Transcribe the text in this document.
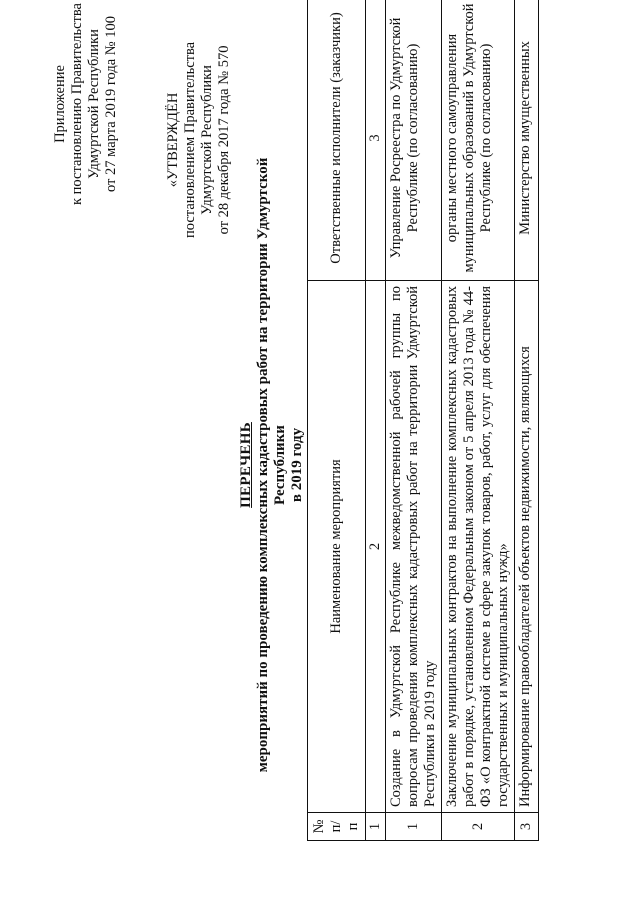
Приложение к постановлению Правительства Удмуртской Республики от 27 марта 2019 года № 100	«УТВЕРЖДЁН постановлением Правительства Удмуртской Республики от 28 декабря 2017 года № 570
ПЕРЕЧЕНЬ мероприятий по проведению комплексных кадастровых работ на территории Удмуртской Республики в 2019 году
№ п/п	Наименование мероприятия	Ответственные исполнители (заказчики)
1	2	3
1	Создание в Удмуртской Республике межведомственной рабочей группы по вопросам проведения комплексных кадастровых работ на территории Удмуртской Республики в 2019 году	Управление Росреестра по Удмуртской Республике (по согласованию)
2	Заключение муниципальных контрактов на выполнение комплексных кадастровых работ в порядке, установленном Федеральным законом от 5 апреля 2013 года № 44-ФЗ «О контрактной системе в сфере закупок товаров, работ, услуг для обеспечения государственных и муниципальных нужд»	органы местного самоуправления муниципальных образований в Удмуртской Республике (по согласованию)
3	Информирование правообладателей объектов недвижимости, являющихся	Министерство имущественных
